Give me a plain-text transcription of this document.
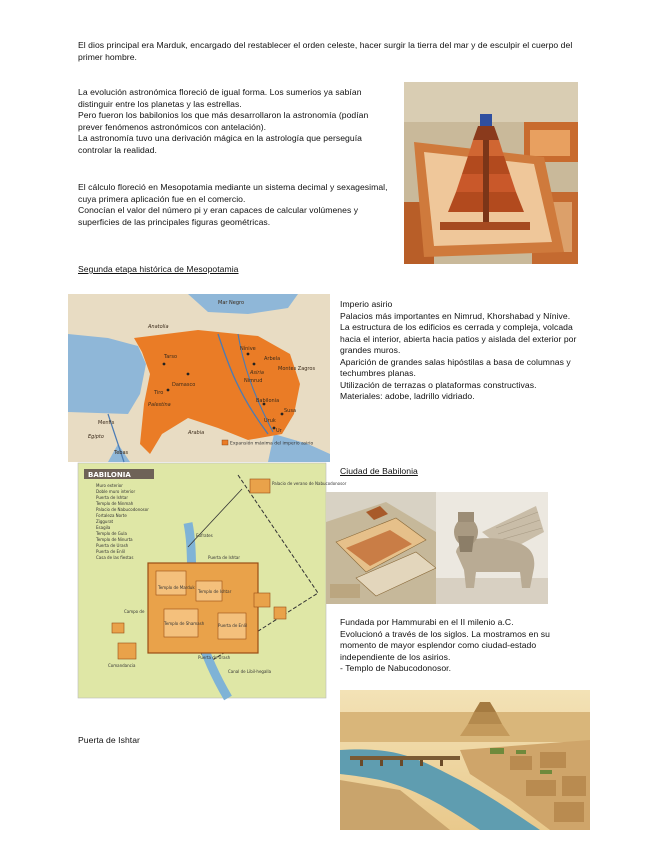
El dios principal era Marduk, encargado del restablecer el orden celeste, hacer surgir la tierra del mar y de esculpir el cuerpo del primer hombre.
La evolución astronómica floreció de igual forma. Los sumerios ya sabían distinguir entre los planetas y las estrellas.
Pero fueron los babilonios los que más desarrollaron la astronomía (podían prever fenómenos astronómicos con antelación).
La astronomía tuvo una derivación mágica en la astrología que perseguía controlar la realidad.
El cálculo floreció en Mesopotamia mediante un sistema decimal y sexagesimal, cuya primera aplicación fue en el comercio.
Conocían el valor del número pi y eran capaces de calcular volúmenes y superficies de las principales figuras geométricas.
Segunda etapa histórica de Mesopotamia
Imperio asirio
Palacios más importantes en Nimrud, Khorshabad y Nínive.
La estructura de los edificios es cerrada y compleja, volcada hacia el interior, abierta hacia patios y aislada del exterior por grandes muros.
Aparición de grandes salas hipóstilas a basa de columnas y techumbres planas.
Utilización de terrazas o plataformas constructivas.
Materiales: adobe, ladrillo vidriado.
Ciudad de Babilonia
Fundada por Hammurabi en el II milenio a.C.
Evolucionó a través de los siglos. La mostramos en su momento de mayor esplendor como ciudad-estado independiente de los asirios.
- Templo de Nabucodonosor.
Puerta de Ishtar
Mar Negro
Anatolia
Tarso
Nínive
Asiria
Arbela
Nimrud
Montes Zagros
Babilonia
Susa
Ur
Uruk
Arabia
Palestina
Egipto
Menfis
Tebas
Damasco
Tiro
Expansión máxima del imperio asirio
BABILONIA
Muro exterior
Doble muro interior
Puerta de Ishtar
Templo de Ninmah
Palacio de Nabucodonosor
Fortaleza Norte
Ziggurat
Esagila
Templo de Gula
Templo de Ninurta
Puerta de Urash
Puerta de Enlil
Casa de las fiestas
Palacio de verano de Nabucodonosor
Eufrates
Puerta de Ishtar
Templo de Marduk
Templo de Ishtar
Templo de Shamash	Puerta de Enlil
Puerta de Urash
Canal de Libil-hegalla
Campo de
Comandancia
